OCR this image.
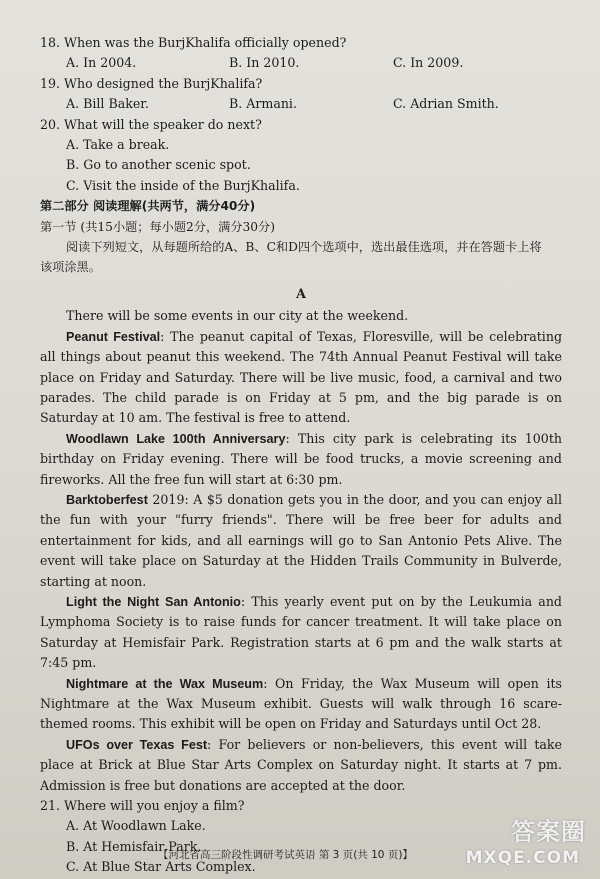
18. When was the BurjKhalifa officially opened?
A. In 2004.	B. In 2010.	C. In 2009.
19. Who designed the BurjKhalifa?
A. Bill Baker.	B. Armani.	C. Adrian Smith.
20. What will the speaker do next?
A. Take a break.
B. Go to another scenic spot.
C. Visit the inside of the BurjKhalifa.
第二部分 阅读理解(共两节，满分40分)
第一节 (共15小题；每小题2分，满分30分)
阅读下列短文，从每题所给的A、B、C和D四个选项中，选出最佳选项，并在答题卡上将
该项涂黑。
A

There will be some events in our city at the weekend.

Peanut Festival: The peanut capital of Texas, Floresville, will be celebrating all things about peanut this weekend. The 74th Annual Peanut Festival will take place on Friday and Saturday. There will be live music, food, a carnival and two parades. The child parade is on Friday at 5 pm, and the big parade is on Saturday at 10 am. The festival is free to attend.

Woodlawn Lake 100th Anniversary: This city park is celebrating its 100th birthday on Friday evening. There will be food trucks, a movie screening and fireworks. All the free fun will start at 6:30 pm.

Barktoberfest 2019: A $5 donation gets you in the door, and you can enjoy all the fun with your "furry friends". There will be free beer for adults and entertainment for kids, and all earnings will go to San Antonio Pets Alive. The event will take place on Saturday at the Hidden Trails Community in Bulverde, starting at noon.

Light the Night San Antonio: This yearly event put on by the Leukumia and Lymphoma Society is to raise funds for cancer treatment. It will take place on Saturday at Hemisfair Park. Registration starts at 6 pm and the walk starts at 7:45 pm.

Nightmare at the Wax Museum: On Friday, the Wax Museum will open its Nightmare at the Wax Museum exhibit. Guests will walk through 16 scare-themed rooms. This exhibit will be open on Friday and Saturdays until Oct 28.

UFOs over Texas Fest: For believers or non-believers, this event will take place at Brick at Blue Star Arts Complex on Saturday night. It starts at 7 pm. Admission is free but donations are accepted at the door.

21. Where will you enjoy a film?
A. At Woodlawn Lake.
B. At Hemisfair Park.
C. At Blue Star Arts Complex.
【河北省高三阶段性调研考试英语 第 3 页(共 10 页)】
答案圈
MXQE.COM
